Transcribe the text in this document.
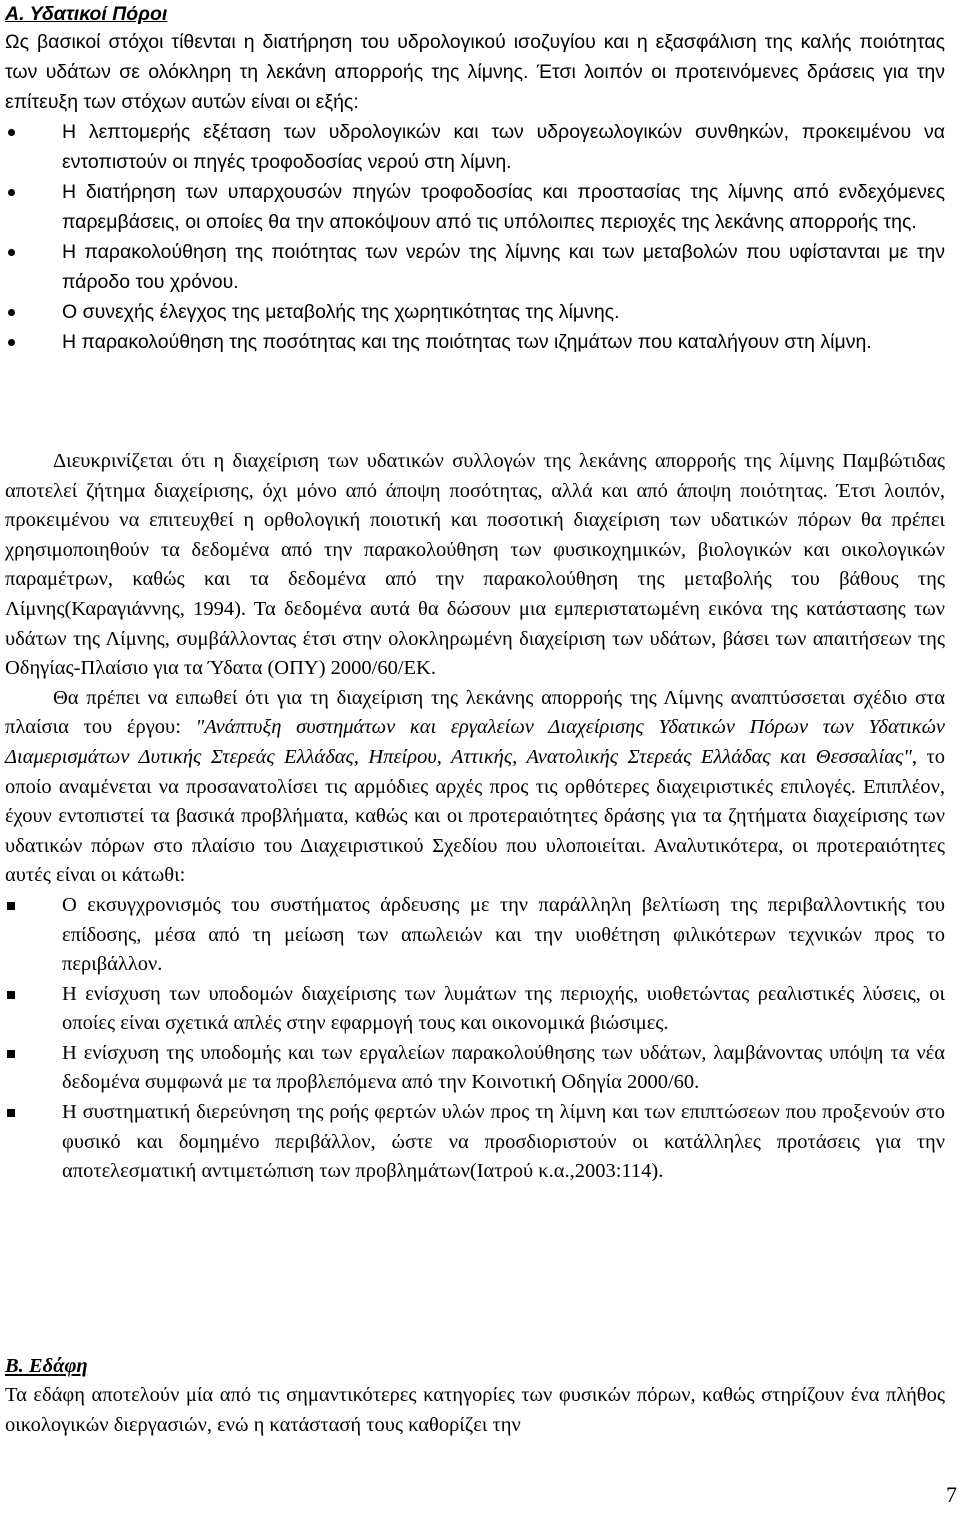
Α. Υδατικοί Πόροι

Ως βασικοί στόχοι τίθενται η διατήρηση του υδρολογικού ισοζυγίου και η εξασφάλιση της καλής ποιότητας των υδάτων σε ολόκληρη τη λεκάνη απορροής της λίμνης. Έτσι λοιπόν οι προτεινόμενες δράσεις για την επίτευξη των στόχων αυτών είναι οι εξής:

Η λεπτομερής εξέταση των υδρολογικών και των υδρογεωλογικών συνθηκών, προκειμένου να εντοπιστούν οι πηγές τροφοδοσίας νερού στη λίμνη.
Η διατήρηση των υπαρχουσών πηγών τροφοδοσίας και προστασίας της λίμνης από ενδεχόμενες παρεμβάσεις, οι οποίες θα την αποκόψουν από τις υπόλοιπες περιοχές της λεκάνης απορροής της.
Η παρακολούθηση της ποιότητας των νερών της λίμνης και των μεταβολών που υφίστανται με την πάροδο του χρόνου.
Ο συνεχής έλεγχος της μεταβολής της χωρητικότητας της λίμνης.
Η παρακολούθηση της ποσότητας και της ποιότητας των ιζημάτων που καταλήγουν στη λίμνη.

Διευκρινίζεται ότι η διαχείριση των υδατικών συλλογών της λεκάνης απορροής της λίμνης Παμβώτιδας αποτελεί ζήτημα διαχείρισης, όχι μόνο από άποψη ποσότητας, αλλά και από άποψη ποιότητας. Έτσι λοιπόν, προκειμένου να επιτευχθεί η ορθολογική ποιοτική και ποσοτική διαχείριση των υδατικών πόρων θα πρέπει χρησιμοποιηθούν τα δεδομένα από την παρακολούθηση των φυσικοχημικών, βιολογικών και οικολογικών παραμέτρων, καθώς και τα δεδομένα από την παρακολούθηση της μεταβολής του βάθους της Λίμνης(Καραγιάννης, 1994). Τα δεδομένα αυτά θα δώσουν μια εμπεριστατωμένη εικόνα της κατάστασης των υδάτων της Λίμνης, συμβάλλοντας έτσι στην ολοκληρωμένη διαχείριση των υδάτων, βάσει των απαιτήσεων της Οδηγίας-Πλαίσιο για τα Ύδατα (ΟΠΥ) 2000/60/ΕΚ.

Θα πρέπει να ειπωθεί ότι για τη διαχείριση της λεκάνης απορροής της Λίμνης αναπτύσσεται σχέδιο στα πλαίσια του έργου: "Ανάπτυξη συστημάτων και εργαλείων Διαχείρισης Υδατικών Πόρων των Υδατικών Διαμερισμάτων Δυτικής Στερεάς Ελλάδας, Ηπείρου, Αττικής, Ανατολικής Στερεάς Ελλάδας και Θεσσαλίας", το οποίο αναμένεται να προσανατολίσει τις αρμόδιες αρχές προς τις ορθότερες διαχειριστικές επιλογές. Επιπλέον, έχουν εντοπιστεί τα βασικά προβλήματα, καθώς και οι προτεραιότητες δράσης για τα ζητήματα διαχείρισης των υδατικών πόρων στο πλαίσιο του Διαχειριστικού Σχεδίου που υλοποιείται. Αναλυτικότερα, οι προτεραιότητες αυτές είναι οι κάτωθι:

Ο εκσυγχρονισμός του συστήματος άρδευσης με την παράλληλη βελτίωση της περιβαλλοντικής του επίδοσης, μέσα από τη μείωση των απωλειών και την υιοθέτηση φιλικότερων τεχνικών προς το περιβάλλον.
Η ενίσχυση των υποδομών διαχείρισης των λυμάτων της περιοχής, υιοθετώντας ρεαλιστικές λύσεις, οι οποίες είναι σχετικά απλές στην εφαρμογή τους και οικονομικά βιώσιμες.
Η ενίσχυση της υποδομής και των εργαλείων παρακολούθησης των υδάτων, λαμβάνοντας υπόψη τα νέα δεδομένα συμφωνά με τα προβλεπόμενα από την Κοινοτική Οδηγία 2000/60.
Η συστηματική διερεύνηση της ροής φερτών υλών προς τη λίμνη και των επιπτώσεων που προξενούν στο φυσικό και δομημένο περιβάλλον, ώστε να προσδιοριστούν οι κατάλληλες προτάσεις για την αποτελεσματική αντιμετώπιση των προβλημάτων(Ιατρού κ.α.,2003:114).
Β. Εδάφη

Τα εδάφη αποτελούν μία από τις σημαντικότερες κατηγορίες των φυσικών πόρων, καθώς στηρίζουν ένα πλήθος οικολογικών διεργασιών, ενώ η κατάστασή τους καθορίζει την

7
